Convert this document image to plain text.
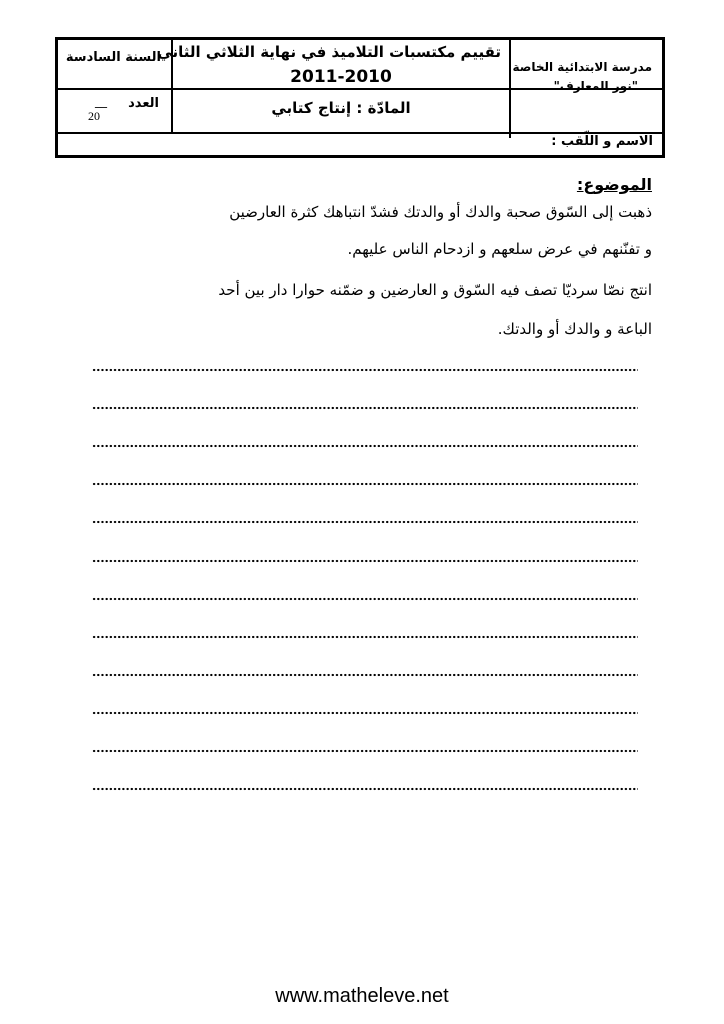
مدرسة الابتدائية الخاصة
"نور المعارف"
تقييم مكتسبات التلاميذ في نهاية الثلاثي الثاني
2011-2010
السنة السادسة
المادّة : إنتاج كتابي
العدد
__
20
الاسم و اللّقب :
الموضوع:
ذهبت إلى السّوق صحبة والدك أو والدتك فشدّ انتباهك كثرة العارضين
و تفنّنهم في عرض سلعهم و ازدحام الناس عليهم.
انتج نصّا سرديّا تصف فيه السّوق و العارضين و ضمّنه حوارا دار بين أحد
الباعة و والدك أو والدتك.
www.matheleve.net
